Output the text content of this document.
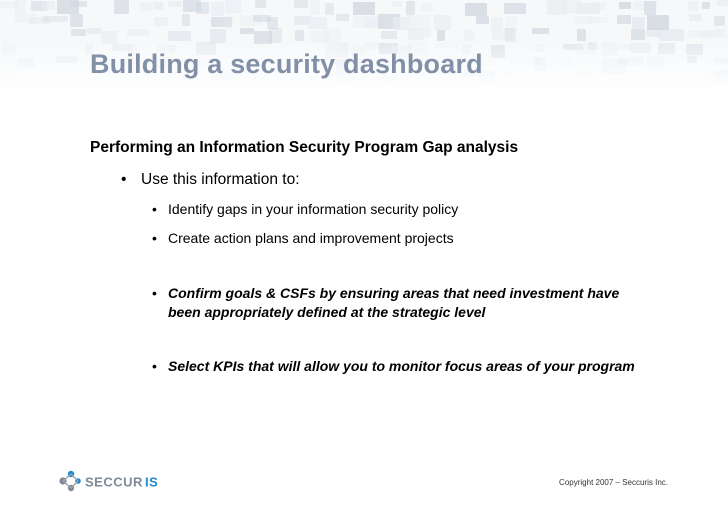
Building a security dashboard
Performing an Information Security Program Gap analysis
• Use this information to:
• Identify gaps in your information security policy
• Create action plans and improvement projects
• Confirm goals & CSFs by ensuring areas that need investment have been appropriately defined at the strategic level
• Select KPIs that will allow you to monitor focus areas of your program
SECCUR IS	Copyright 2007 – Seccuris Inc.
